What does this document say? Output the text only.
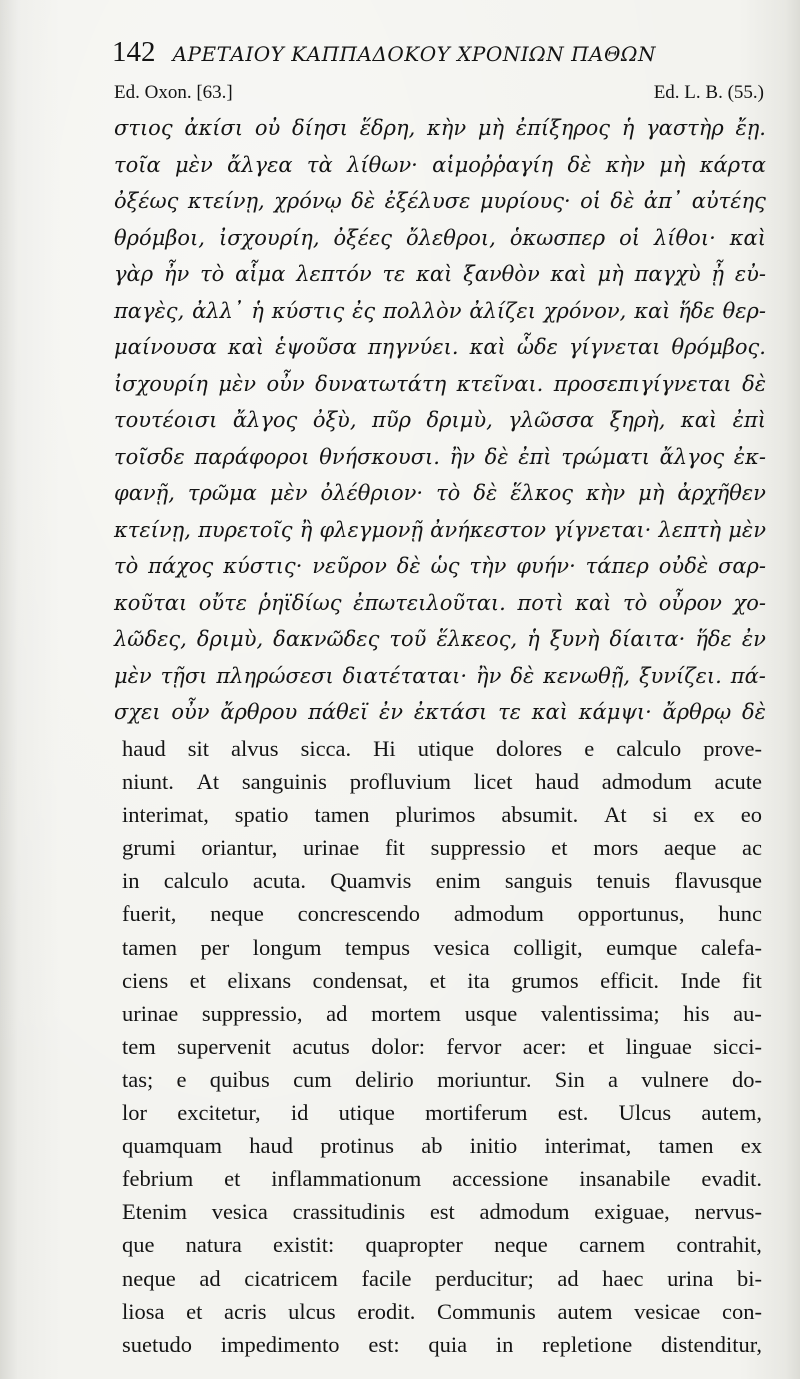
142 ΑΡΕΤΑΙΟΥ ΚΑΠΠΑΔΟΚΟΥ ΧΡΟΝΙΩΝ ΠΑΘΩΝ
Ed. Oxon. [63.]	Ed. L. B. (55.)
στιος ἀκίσι οὐ δίησι ἕδρη, κὴν μὴ ἐπίξηρος ἡ γαστὴρ ἔῃ.
τοῖα μὲν ἄλγεα τὰ λίθων· αἱμοῤῥαγίη δὲ κὴν μὴ κάρτα
ὀξέως κτείνῃ, χρόνῳ δὲ ἐξέλυσε μυρίους· οἱ δὲ ἀπ᾽ αὐτέης
θρόμβοι, ἰσχουρίη, ὀξέες ὄλεθροι, ὁκωσπερ οἱ λίθοι· καὶ
γὰρ ἦν τὸ αἷμα λεπτόν τε καὶ ξανθὸν καὶ μὴ παγχὺ ᾖ εὐ-
παγὲς, ἀλλ᾽ ἡ κύστις ἐς πολλὸν ἀλίζει χρόνον, καὶ ἥδε θερ-
μαίνουσα καὶ ἑψοῦσα πηγνύει. καὶ ὧδε γίγνεται θρόμβος.
ἰσχουρίη μὲν οὖν δυνατωτάτη κτεῖναι. προσεπιγίγνεται δὲ
τουτέοισι ἄλγος ὀξὺ, πῦρ δριμὺ, γλῶσσα ξηρὴ, καὶ ἐπὶ
τοῖσδε παράφοροι θνήσκουσι. ἢν δὲ ἐπὶ τρώματι ἄλγος ἐκ-
φανῇ, τρῶμα μὲν ὀλέθριον· τὸ δὲ ἕλκος κὴν μὴ ἀρχῆθεν
κτείνῃ, πυρετοῖς ἢ φλεγμονῇ ἀνήκεστον γίγνεται· λεπτὴ μὲν
τὸ πάχος κύστις· νεῦρον δὲ ὡς τὴν φυήν· τάπερ οὐδὲ σαρ-
κοῦται οὔτε ῥηϊδίως ἐπωτειλοῦται. ποτὶ καὶ τὸ οὖρον χο-
λῶδες, δριμὺ, δακνῶδες τοῦ ἕλκεος, ἡ ξυνὴ δίαιτα· ἥδε ἐν
μὲν τῇσι πληρώσεσι διατέταται· ἢν δὲ κενωθῇ, ξυνίζει. πά-
σχει οὖν ἄρθρου πάθεϊ ἐν ἐκτάσι τε καὶ κάμψι· ἄρθρῳ δὲ
haud sit alvus sicca. Hi utique dolores e calculo prove-
niunt. At sanguinis profluvium licet haud admodum acute
interimat, spatio tamen plurimos absumit. At si ex eo
grumi oriantur, urinae fit suppressio et mors aeque ac
in calculo acuta. Quamvis enim sanguis tenuis flavusque
fuerit, neque concrescendo admodum opportunus, hunc
tamen per longum tempus vesica colligit, eumque calefa-
ciens et elixans condensat, et ita grumos efficit. Inde fit
urinae suppressio, ad mortem usque valentissima; his au-
tem supervenit acutus dolor: fervor acer: et linguae sicci-
tas; e quibus cum delirio moriuntur. Sin a vulnere do-
lor excitetur, id utique mortiferum est. Ulcus autem,
quamquam haud protinus ab initio interimat, tamen ex
febrium et inflammationum accessione insanabile evadit.
Etenim vesica crassitudinis est admodum exiguae, nervus-
que natura existit: quapropter neque carnem contrahit,
neque ad cicatricem facile perducitur; ad haec urina bi-
liosa et acris ulcus erodit. Communis autem vesicae con-
suetudo impedimento est: quia in repletione distenditur,
